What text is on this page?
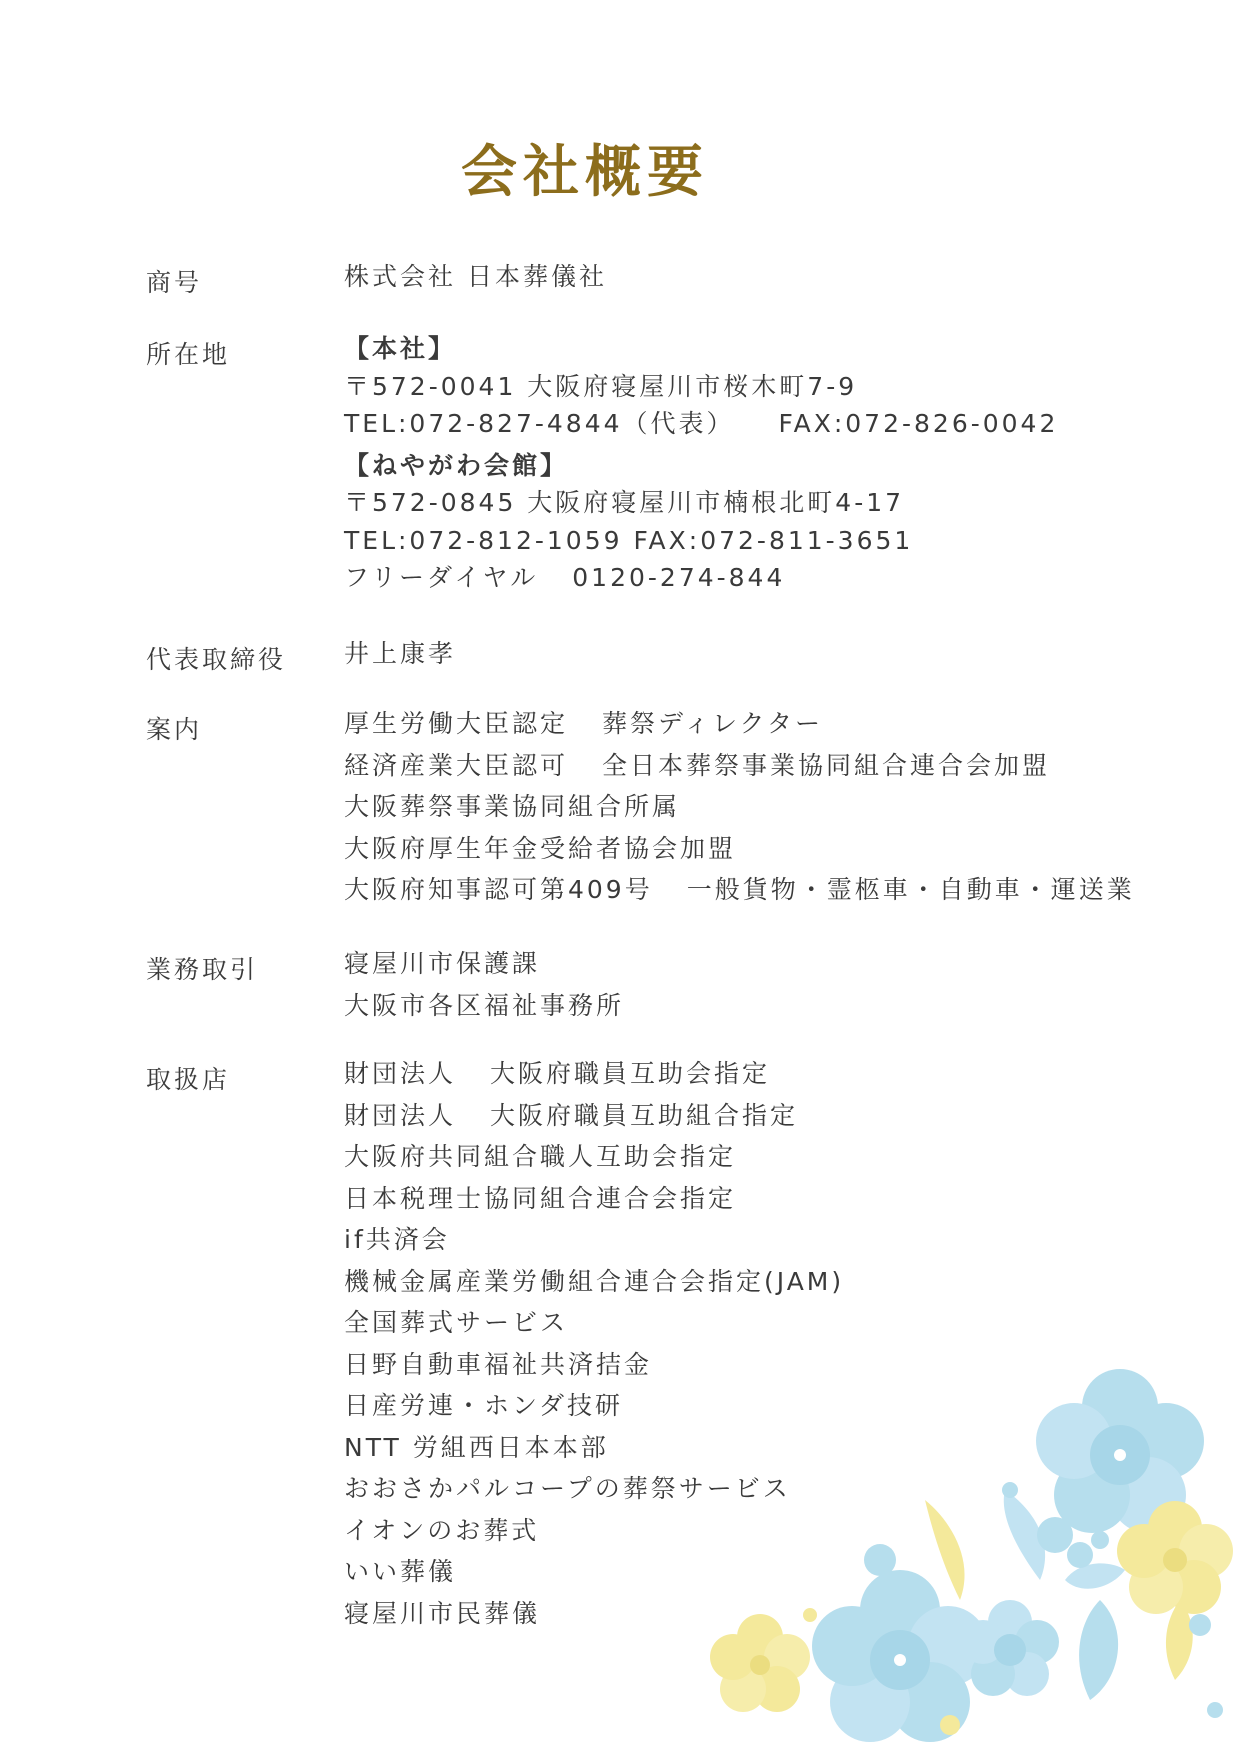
会社概要
商号	株式会社 日本葬儀社
所在地	【本社】
〒572-0041 大阪府寝屋川市桜木町7-9
TEL:072-827-4844（代表） FAX:072-826-0042
【ねやがわ会館】
〒572-0845 大阪府寝屋川市楠根北町4-17
TEL:072-812-1059 FAX:072-811-3651
フリーダイヤル 0120-274-844
代表取締役 井上康孝
案内	厚生労働大臣認定 葬祭ディレクター
経済産業大臣認可 全日本葬祭事業協同組合連合会加盟
大阪葬祭事業協同組合所属
大阪府厚生年金受給者協会加盟
大阪府知事認可第409号 一般貨物・霊柩車・自動車・運送業
業務取引	寝屋川市保護課
大阪市各区福祉事務所
取扱店	財団法人 大阪府職員互助会指定
財団法人 大阪府職員互助組合指定
大阪府共同組合職人互助会指定
日本税理士協同組合連合会指定
if共済会
機械金属産業労働組合連合会指定(JAM)
全国葬式サービス
日野自動車福祉共済拮金
日産労連・ホンダ技研
NTT 労組西日本本部
おおさかパルコープの葬祭サービス
イオンのお葬式
いい葬儀
寝屋川市民葬儀
